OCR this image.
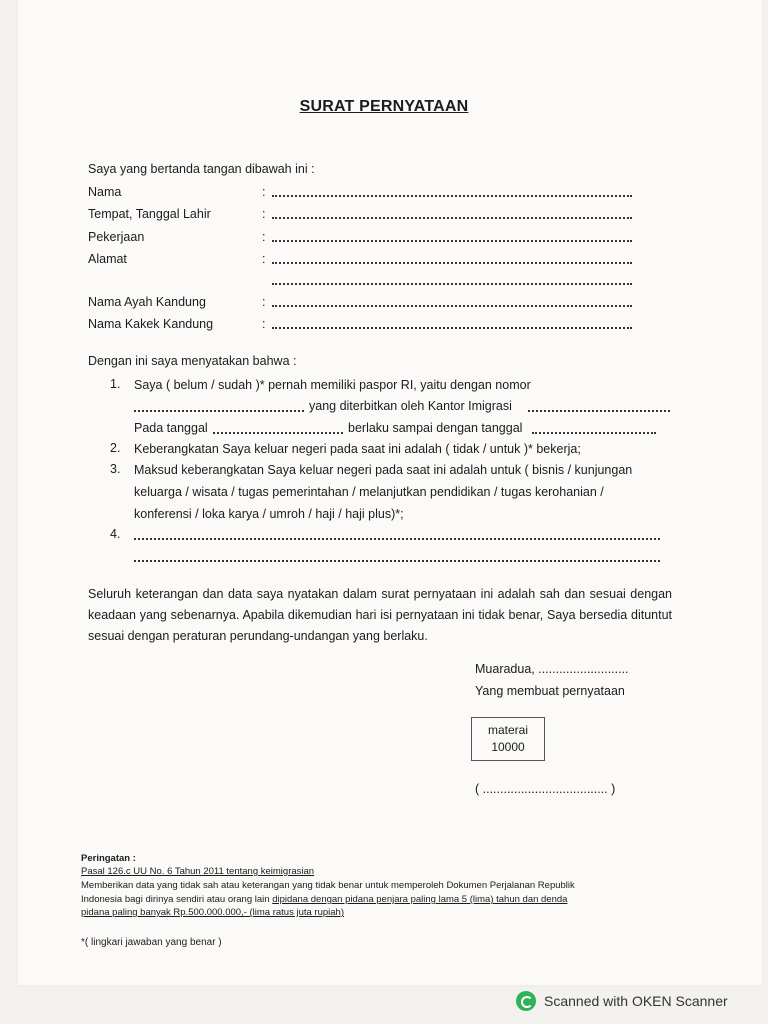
SURAT PERNYATAAN
Saya yang bertanda tangan dibawah ini :
Nama	:
Tempat, Tanggal Lahir	:
Pekerjaan	:
Alamat	:
Nama Ayah Kandung	:
Nama Kakek Kandung	:
Dengan ini saya menyatakan bahwa :
1. Saya ( belum / sudah )* pernah memiliki paspor RI, yaitu dengan nomor
yang diterbitkan oleh Kantor Imigrasi
Pada tanggal	berlaku sampai dengan tanggal
2. Keberangkatan Saya keluar negeri pada saat ini adalah ( tidak / untuk )* bekerja;
3. Maksud keberangkatan Saya keluar negeri pada saat ini adalah untuk ( bisnis / kunjungan
keluarga / wisata / tugas pemerintahan / melanjutkan pendidikan / tugas kerohanian /
konferensi / loka karya / umroh / haji / haji plus)*;
4.
Seluruh keterangan dan data saya nyatakan dalam surat pernyataan ini adalah sah dan sesuai dengan keadaan yang sebenarnya. Apabila dikemudian hari isi pernyataan ini tidak benar, Saya bersedia dituntut sesuai dengan peraturan perundang-undangan yang berlaku.
Muaradua, ..........................
Yang membuat pernyataan
materai
10000
( .................................... )
Peringatan :
Pasal 126.c UU No. 6 Tahun 2011 tentang keimigrasian
Memberikan data yang tidak sah atau keterangan yang tidak benar untuk memperoleh Dokumen Perjalanan Republik
Indonesia bagi dirinya sendiri atau orang lain dipidana dengan pidana penjara paling lama 5 (lima) tahun dan denda
pidana paling banyak Rp.500.000.000,- (lima ratus juta rupiah)
*( lingkari jawaban yang benar )
Scanned with OKEN Scanner
